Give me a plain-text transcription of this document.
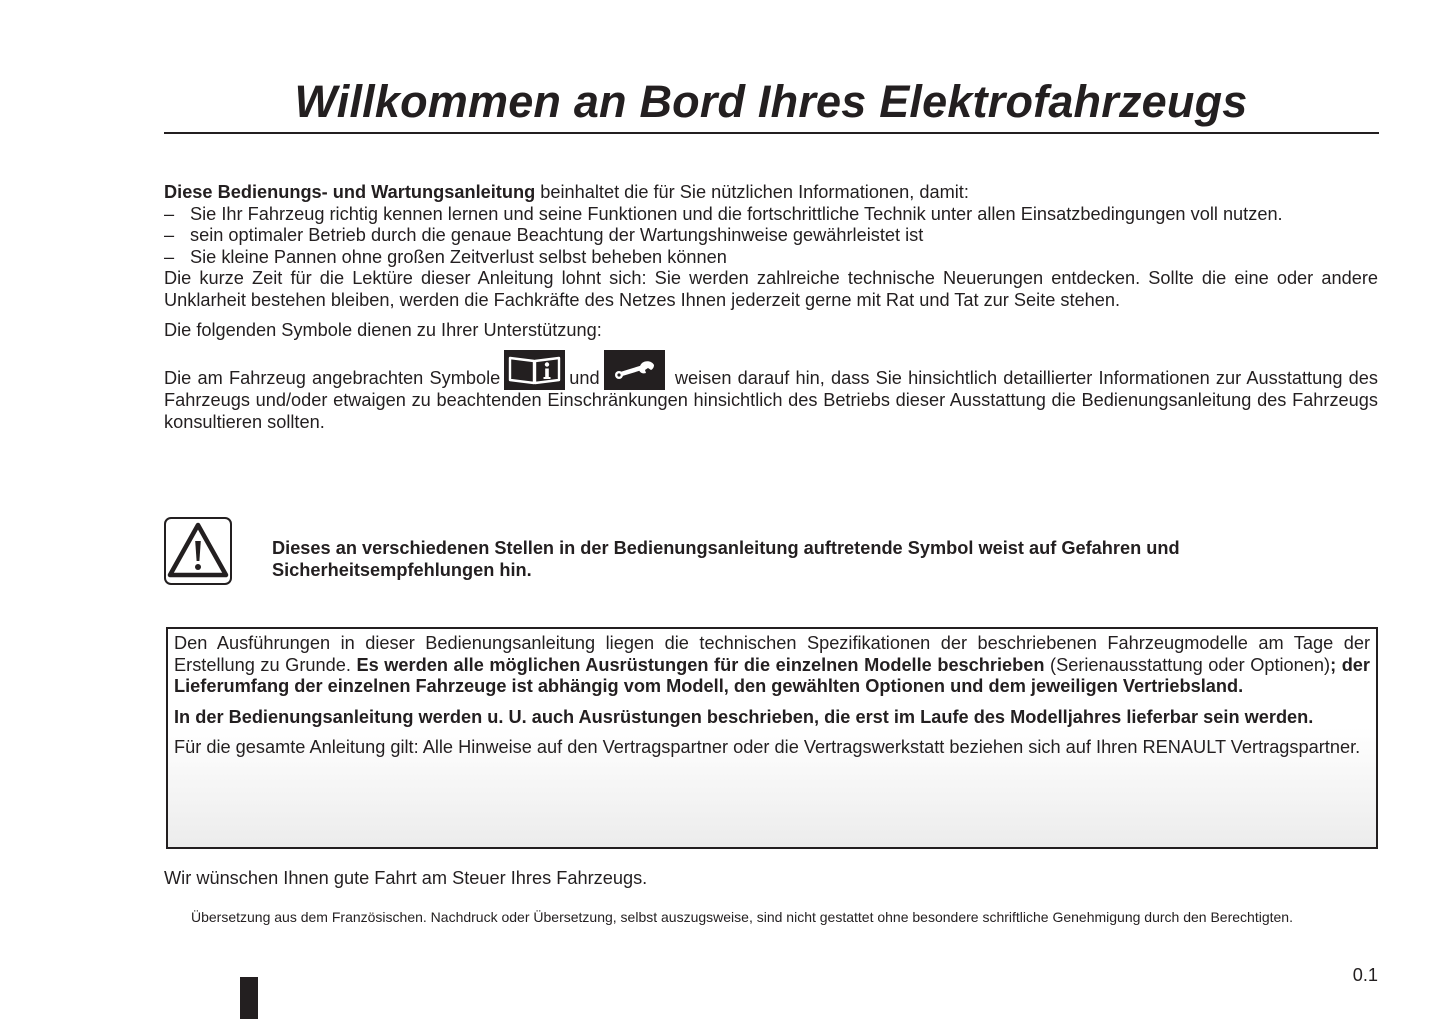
Willkommen an Bord Ihres Elektrofahrzeugs

Diese Bedienungs- und Wartungsanleitung beinhaltet die für Sie nützlichen Informationen, damit:

– Sie Ihr Fahrzeug richtig kennen lernen und seine Funktionen und die fortschrittliche Technik unter allen Einsatzbedingungen voll nutzen.

– sein optimaler Betrieb durch die genaue Beachtung der Wartungshinweise gewährleistet ist

– Sie kleine Pannen ohne großen Zeitverlust selbst beheben können

Die kurze Zeit für die Lektüre dieser Anleitung lohnt sich: Sie werden zahlreiche technische Neuerungen entdecken. Sollte die eine oder andere Unklarheit bestehen bleiben, werden die Fachkräfte des Netzes Ihnen jederzeit gerne mit Rat und Tat zur Seite stehen.

Die folgenden Symbole dienen zu Ihrer Unterstützung:

Die am Fahrzeug angebrachten Symbole	und	weisen darauf hin, dass Sie hinsichtlich detaillierter Informationen zur Ausstattung des Fahrzeugs und/oder etwaigen zu beachtenden Einschränkungen hinsichtlich des Betriebs dieser Ausstattung die Bedienungsanleitung des Fahrzeugs konsultieren sollten.

Dieses an verschiedenen Stellen in der Bedienungsanleitung auftretende Symbol weist auf Gefahren und Sicherheitsempfehlungen hin.

Den Ausführungen in dieser Bedienungsanleitung liegen die technischen Spezifikationen der beschriebenen Fahrzeugmodelle am Tage der Erstellung zu Grunde. Es werden alle möglichen Ausrüstungen für die einzelnen Modelle beschrieben (Serienausstattung oder Optionen); der Lieferumfang der einzelnen Fahrzeuge ist abhängig vom Modell, den gewählten Optionen und dem jeweiligen Vertriebsland.

In der Bedienungsanleitung werden u. U. auch Ausrüstungen beschrieben, die erst im Laufe des Modelljahres lieferbar sein werden.

Für die gesamte Anleitung gilt: Alle Hinweise auf den Vertragspartner oder die Vertragswerkstatt beziehen sich auf Ihren RENAULT Vertragspartner.

Wir wünschen Ihnen gute Fahrt am Steuer Ihres Fahrzeugs.

Übersetzung aus dem Französischen. Nachdruck oder Übersetzung, selbst auszugsweise, sind nicht gestattet ohne besondere schriftliche Genehmigung durch den Berechtigten.

0.1
